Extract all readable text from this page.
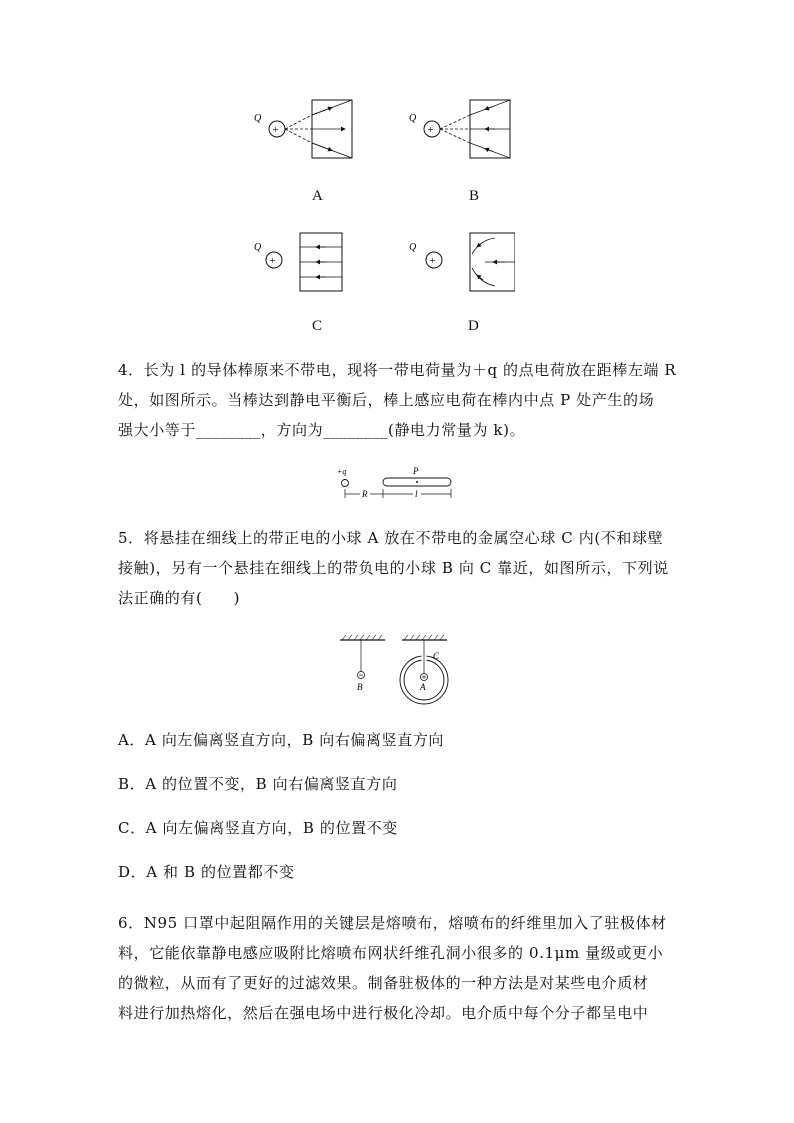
Q
+
A
Q
+
B
Q
+
C
Q
+
D
4．长为 l 的导体棒原来不带电，现将一带电荷量为＋q 的点电荷放在距棒左端 R
处，如图所示。当棒达到静电平衡后，棒上感应电荷在棒内中点 P 处产生的场
强大小等于________，方向为________(静电力常量为 k)。
+q	P
R	l
5．将悬挂在细线上的带正电的小球 A 放在不带电的金属空心球 C 内(不和球壁
接触)，另有一个悬挂在细线上的带负电的小球 B 向 C 靠近，如图所示，下列说
法正确的有(　　)
B	A
C
A．A 向左偏离竖直方向，B 向右偏离竖直方向
B．A 的位置不变，B 向右偏离竖直方向
C．A 向左偏离竖直方向，B 的位置不变
D．A 和 B 的位置都不变
6．N95 口罩中起阻隔作用的关键层是熔喷布，熔喷布的纤维里加入了驻极体材
料，它能依靠静电感应吸附比熔喷布网状纤维孔洞小很多的 0.1μm 量级或更小
的微粒，从而有了更好的过滤效果。制备驻极体的一种方法是对某些电介质材
料进行加热熔化，然后在强电场中进行极化冷却。电介质中每个分子都呈电中
